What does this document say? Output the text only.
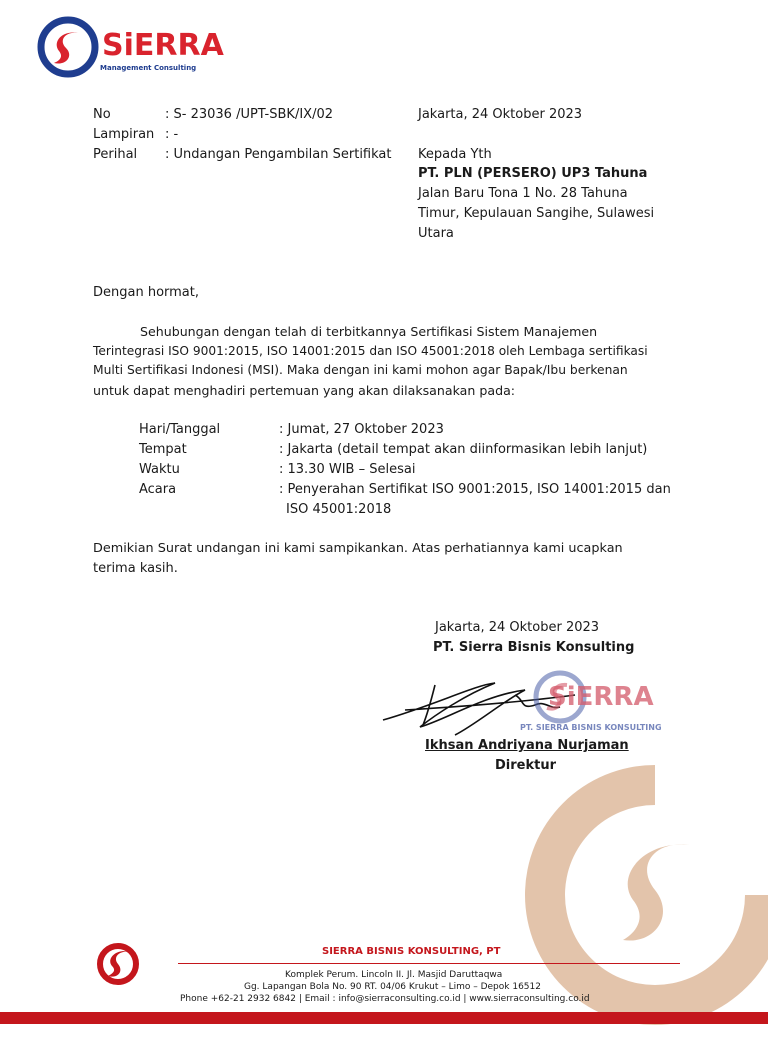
SiERRA
Management Consulting
No	: S- 23036 /UPT-SBK/IX/02
Lampiran : -
Perihal : Undangan Pengambilan Sertifikat
Jakarta, 24 Oktober 2023
Kepada Yth
PT. PLN (PERSERO) UP3 Tahuna
Jalan Baru Tona 1 No. 28 Tahuna
Timur, Kepulauan Sangihe, Sulawesi
Utara
Dengan hormat,
Sehubungan dengan telah di terbitkannya Sertifikasi Sistem Manajemen
Terintegrasi ISO 9001:2015, ISO 14001:2015 dan ISO 45001:2018 oleh Lembaga sertifikasi
Multi Sertifikasi Indonesi (MSI). Maka dengan ini kami mohon agar Bapak/Ibu berkenan
untuk dapat menghadiri pertemuan yang akan dilaksanakan pada:
Hari/Tanggal	: Jumat, 27 Oktober 2023
Tempat	: Jakarta (detail tempat akan diinformasikan lebih lanjut)
Waktu	: 13.30 WIB – Selesai
Acara	: Penyerahan Sertifikat ISO 9001:2015, ISO 14001:2015 dan
ISO 45001:2018
Demikian Surat undangan ini kami sampikankan. Atas perhatiannya kami ucapkan
terima kasih.
Jakarta, 24 Oktober 2023
PT. Sierra Bisnis Konsulting
SiERRA
PT. SIERRA BISNIS KONSULTING
Ikhsan Andriyana Nurjaman
Direktur
SIERRA BISNIS KONSULTING, PT
Komplek Perum. Lincoln II. Jl. Masjid Daruttaqwa
Gg. Lapangan Bola No. 90 RT. 04/06 Krukut – Limo – Depok 16512
Phone +62-21 2932 6842 | Email : info@sierraconsulting.co.id | www.sierraconsulting.co.id
